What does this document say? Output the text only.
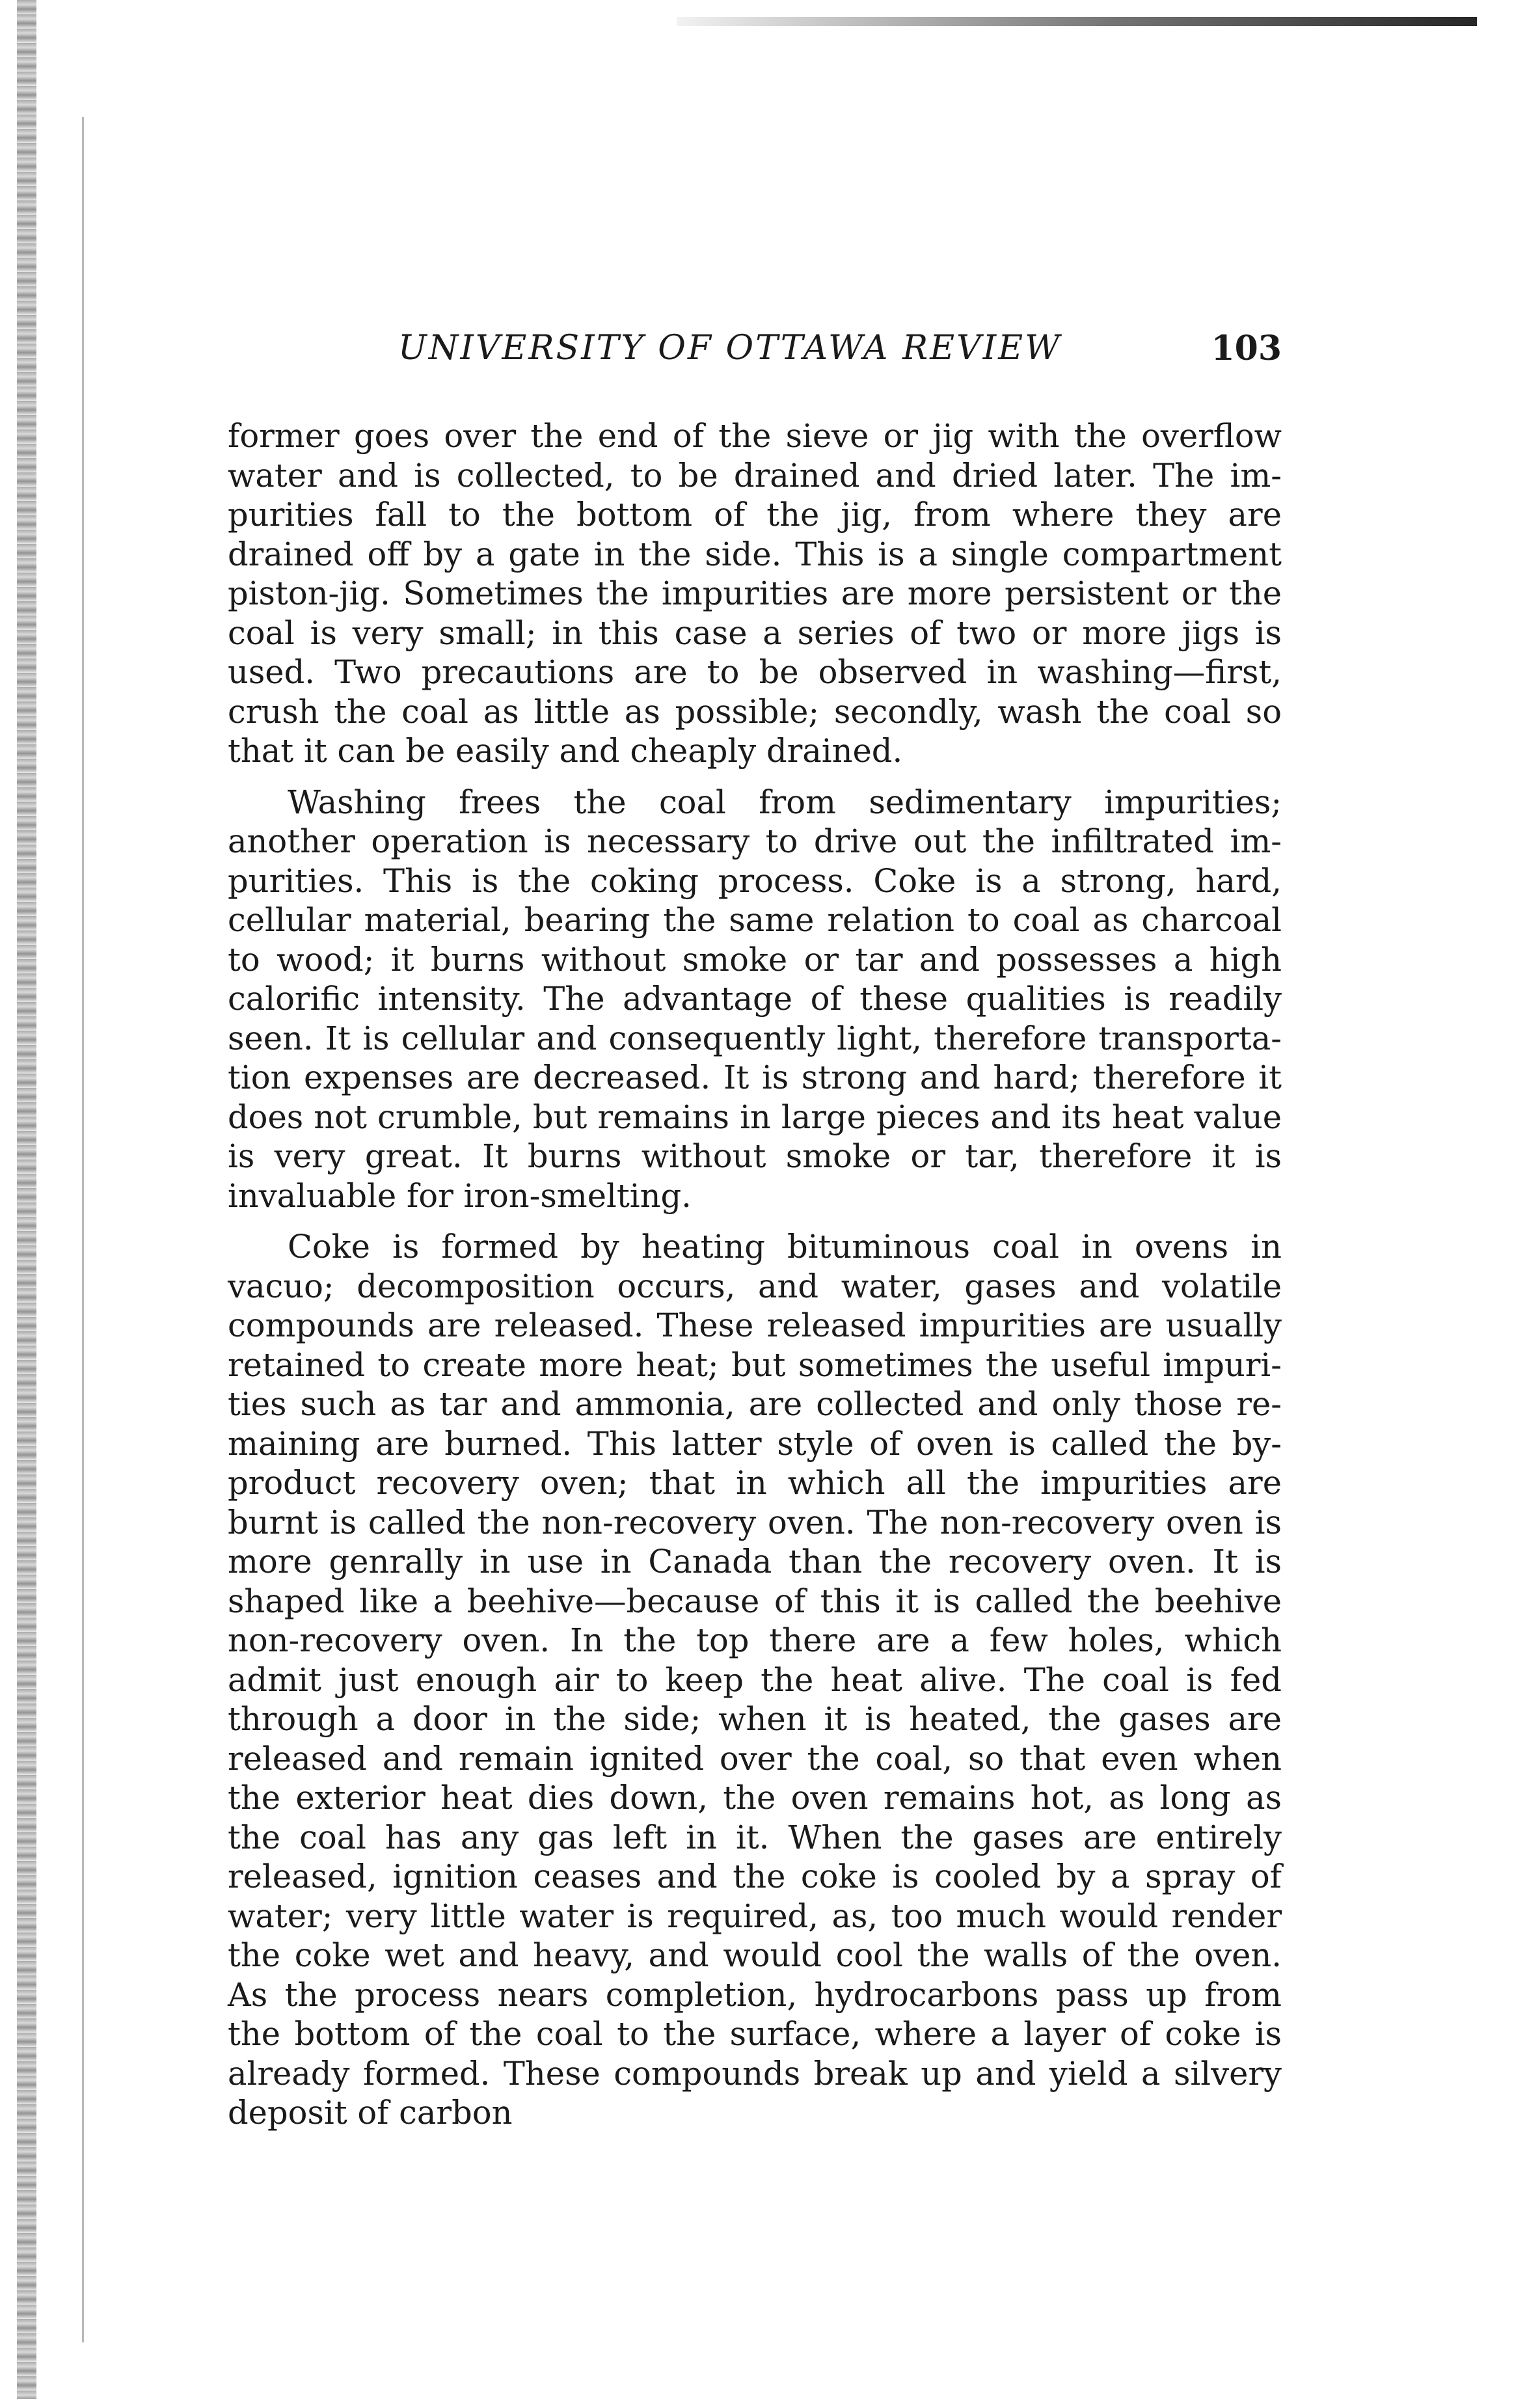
UNIVERSITY OF OTTAWA REVIEW	103

former goes over the end of the sieve or jig with the overflow water and is collected, to be drained and dried later. The impurities fall to the bottom of the jig, from where they are drained off by a gate in the side. This is a single compartment piston-jig. Sometimes the impurities are more persistent or the coal is very small; in this case a series of two or more jigs is used. Two precautions are to be observed in washing—first, crush the coal as little as possible; secondly, wash the coal so that it can be easily and cheaply drained.

Washing frees the coal from sedimentary impurities; another operation is necessary to drive out the infiltrated impurities. This is the coking process. Coke is a strong, hard, cellular material, bearing the same relation to coal as charcoal to wood; it burns without smoke or tar and possesses a high calorific intensity. The advantage of these qualities is readily seen. It is cellular and consequently light, therefore transportation expenses are decreased. It is strong and hard; therefore it does not crumble, but remains in large pieces and its heat value is very great. It burns without smoke or tar, therefore it is invaluable for iron-smelting.

Coke is formed by heating bituminous coal in ovens in vacuo; decomposition occurs, and water, gases and volatile compounds are released. These released impurities are usually retained to create more heat; but sometimes the useful impurities such as tar and ammonia, are collected and only those remaining are burned. This latter style of oven is called the by-product recovery oven; that in which all the impurities are burnt is called the non-recovery oven. The non-recovery oven is more genrally in use in Canada than the recovery oven. It is shaped like a beehive—because of this it is called the beehive non-recovery oven. In the top there are a few holes, which admit just enough air to keep the heat alive. The coal is fed through a door in the side; when it is heated, the gases are released and remain ignited over the coal, so that even when the exterior heat dies down, the oven remains hot, as long as the coal has any gas left in it. When the gases are entirely released, ignition ceases and the coke is cooled by a spray of water; very little water is required, as, too much would render the coke wet and heavy, and would cool the walls of the oven. As the process nears completion, hydrocarbons pass up from the bottom of the coal to the surface, where a layer of coke is already formed. These compounds break up and yield a silvery deposit of carbon
